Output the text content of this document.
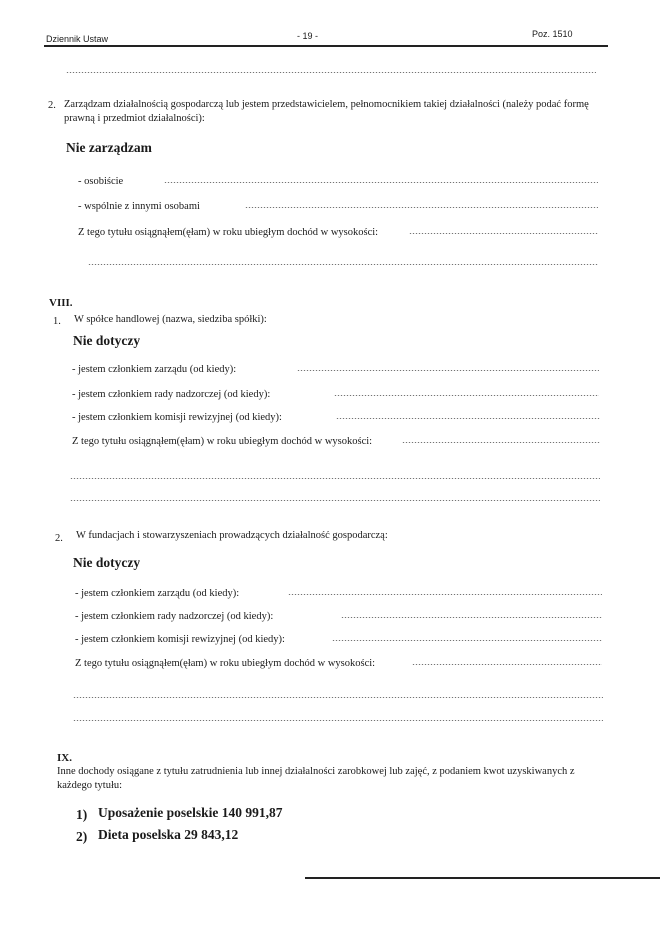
Dziennik Ustaw	- 19 -	Poz. 1510
2. Zarządzam działalnością gospodarczą lub jestem przedstawicielem, pełnomocnikiem takiej działalności (należy podać formę prawną i przedmiot działalności):
Nie zarządzam
- osobiście
- wspólnie z innymi osobami
Z tego tytułu osiągnąłem(ęłam) w roku ubiegłym dochód w wysokości:
VIII.
1. W spółce handlowej (nazwa, siedziba spółki):
Nie dotyczy
- jestem członkiem zarządu (od kiedy):
- jestem członkiem rady nadzorczej (od kiedy):
- jestem członkiem komisji rewizyjnej (od kiedy):
Z tego tytułu osiągnąłem(ęłam) w roku ubiegłym dochód w wysokości:
2. W fundacjach i stowarzyszeniach prowadzących działalność gospodarczą:
Nie dotyczy
- jestem członkiem zarządu (od kiedy):
- jestem członkiem rady nadzorczej (od kiedy):
- jestem członkiem komisji rewizyjnej (od kiedy):
Z tego tytułu osiągnąłem(ęłam) w roku ubiegłym dochód w wysokości:
IX.
Inne dochody osiągane z tytułu zatrudnienia lub innej działalności zarobkowej lub zajęć, z podaniem kwot uzyskiwanych z każdego tytułu:
1) Uposażenie poselskie 140 991,87
2) Dieta poselska 29 843,12
